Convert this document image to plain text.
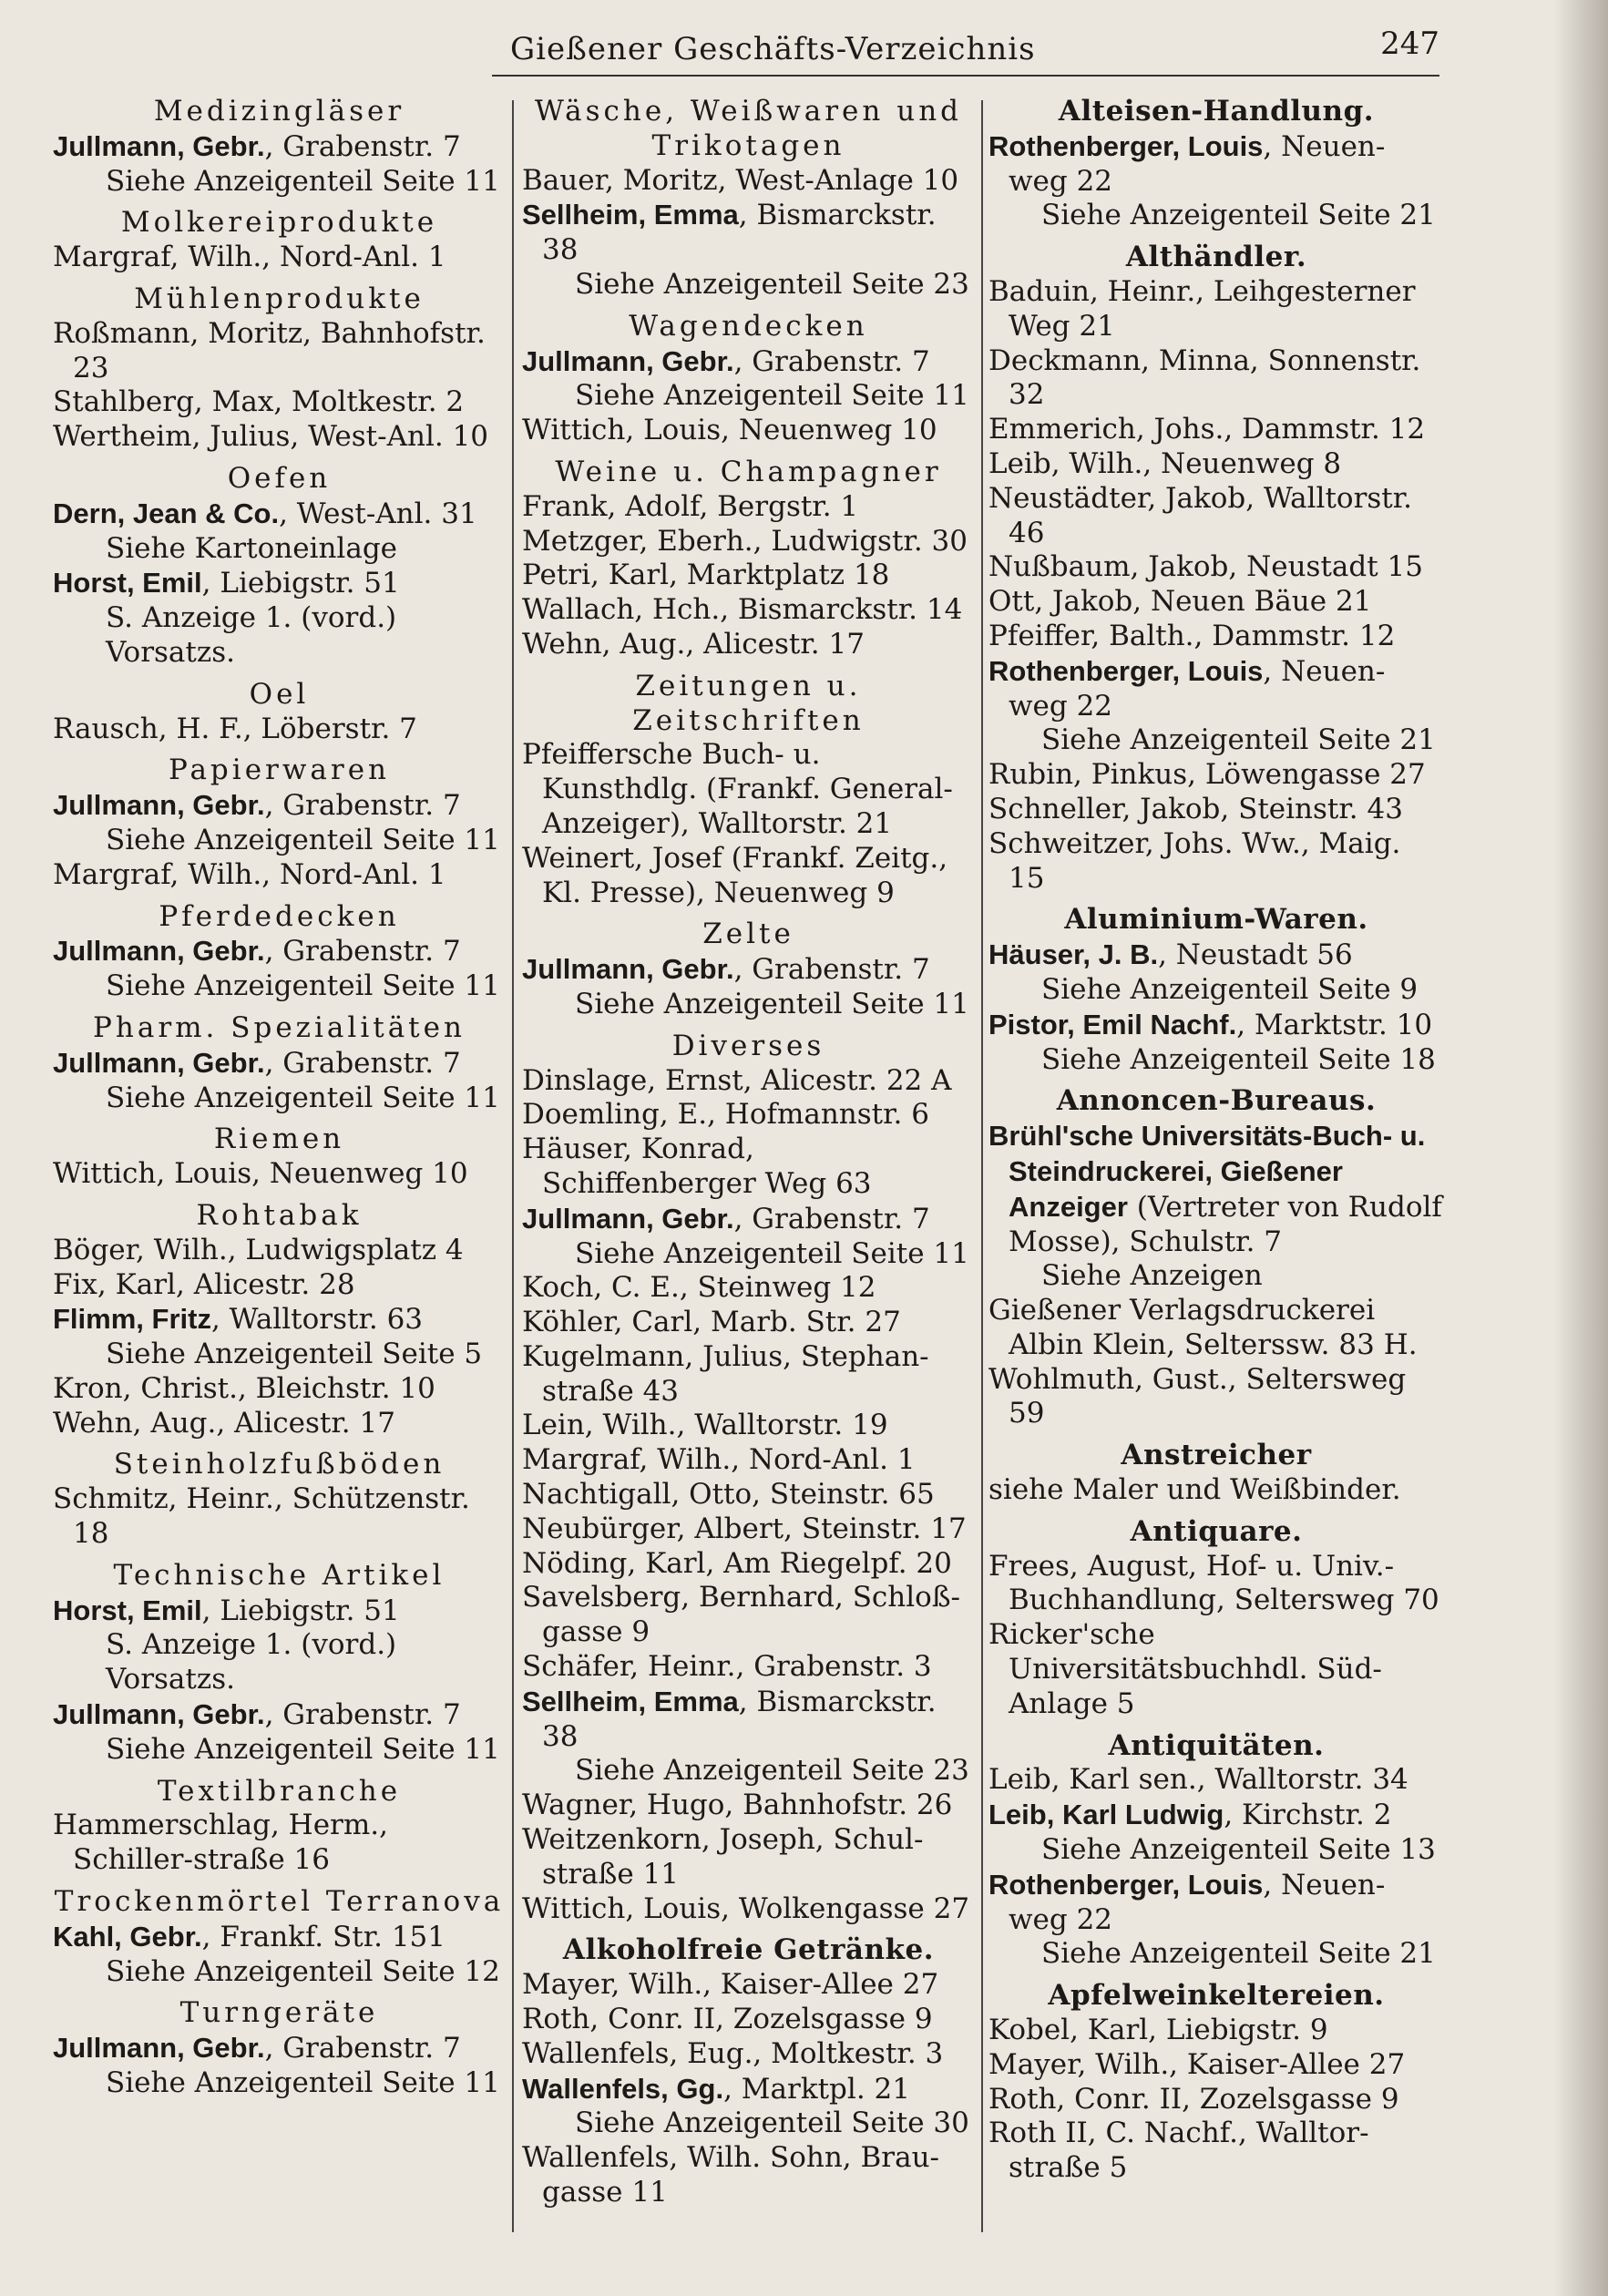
Gießener Geschäfts-Verzeichnis	247
Medizingläser
Jullmann, Gebr., Grabenstr. 7
Siehe Anzeigenteil Seite 11
Molkereiprodukte
Margraf, Wilh., Nord-Anl. 1
Mühlenprodukte
Roßmann, Moritz, Bahnhofstr. 23
Stahlberg, Max, Moltkestr. 2
Wertheim, Julius, West-Anl. 10
Oefen
Dern, Jean & Co., West-Anl. 31
Siehe Kartoneinlage
Horst, Emil, Liebigstr. 51
S. Anzeige 1. (vord.) Vorsatzs.
Oel
Rausch, H. F., Löberstr. 7
Papierwaren
Jullmann, Gebr., Grabenstr. 7
Siehe Anzeigenteil Seite 11
Margraf, Wilh., Nord-Anl. 1
Pferdedecken
Jullmann, Gebr., Grabenstr. 7
Siehe Anzeigenteil Seite 11
Pharm. Spezialitäten
Jullmann, Gebr., Grabenstr. 7
Siehe Anzeigenteil Seite 11
Riemen
Wittich, Louis, Neuenweg 10
Rohtabak
Böger, Wilh., Ludwigsplatz 4
Fix, Karl, Alicestr. 28
Flimm, Fritz, Walltorstr. 63
Siehe Anzeigenteil Seite 5
Kron, Christ., Bleichstr. 10
Wehn, Aug., Alicestr. 17
Steinholzfußböden
Schmitz, Heinr., Schützenstr. 18
Technische Artikel
Horst, Emil, Liebigstr. 51
S. Anzeige 1. (vord.) Vorsatzs.
Jullmann, Gebr., Grabenstr. 7
Siehe Anzeigenteil Seite 11
Textilbranche
Hammerschlag, Herm., Schiller-straße 16
Trockenmörtel Terranova
Kahl, Gebr., Frankf. Str. 151
Siehe Anzeigenteil Seite 12
Turngeräte
Jullmann, Gebr., Grabenstr. 7
Siehe Anzeigenteil Seite 11
Wäsche, Weißwaren und Trikotagen
Bauer, Moritz, West-Anlage 10
Sellheim, Emma, Bismarckstr. 38
Siehe Anzeigenteil Seite 23
Wagendecken
Jullmann, Gebr., Grabenstr. 7
Siehe Anzeigenteil Seite 11
Wittich, Louis, Neuenweg 10
Weine u. Champagner
Frank, Adolf, Bergstr. 1
Metzger, Eberh., Ludwigstr. 30
Petri, Karl, Marktplatz 18
Wallach, Hch., Bismarckstr. 14
Wehn, Aug., Alicestr. 17
Zeitungen u. Zeitschriften
Pfeiffersche Buch- u. Kunsthdlg. (Frankf. General-Anzeiger), Walltorstr. 21
Weinert, Josef (Frankf. Zeitg., Kl. Presse), Neuenweg 9
Zelte
Jullmann, Gebr., Grabenstr. 7
Siehe Anzeigenteil Seite 11
Diverses
Dinslage, Ernst, Alicestr. 22 A
Doemling, E., Hofmannstr. 6
Häuser, Konrad, Schiffenberger Weg 63
Jullmann, Gebr., Grabenstr. 7
Siehe Anzeigenteil Seite 11
Koch, C. E., Steinweg 12
Köhler, Carl, Marb. Str. 27
Kugelmann, Julius, Stephan-straße 43
Lein, Wilh., Walltorstr. 19
Margraf, Wilh., Nord-Anl. 1
Nachtigall, Otto, Steinstr. 65
Neubürger, Albert, Steinstr. 17
Nöding, Karl, Am Riegelpf. 20
Savelsberg, Bernhard, Schloß-gasse 9
Schäfer, Heinr., Grabenstr. 3
Sellheim, Emma, Bismarckstr. 38
Siehe Anzeigenteil Seite 23
Wagner, Hugo, Bahnhofstr. 26
Weitzenkorn, Joseph, Schul-straße 11
Wittich, Louis, Wolkengasse 27
Alkoholfreie Getränke.
Mayer, Wilh., Kaiser-Allee 27
Roth, Conr. II, Zozelsgasse 9
Wallenfels, Eug., Moltkestr. 3
Wallenfels, Gg., Marktpl. 21
Siehe Anzeigenteil Seite 30
Wallenfels, Wilh. Sohn, Brau-gasse 11
Alteisen-Handlung.
Rothenberger, Louis, Neuen-weg 22
Siehe Anzeigenteil Seite 21
Althändler.
Baduin, Heinr., Leihgesterner Weg 21
Deckmann, Minna, Sonnenstr. 32
Emmerich, Johs., Dammstr. 12
Leib, Wilh., Neuenweg 8
Neustädter, Jakob, Walltorstr. 46
Nußbaum, Jakob, Neustadt 15
Ott, Jakob, Neuen Bäue 21
Pfeiffer, Balth., Dammstr. 12
Rothenberger, Louis, Neuen-weg 22
Siehe Anzeigenteil Seite 21
Rubin, Pinkus, Löwengasse 27
Schneller, Jakob, Steinstr. 43
Schweitzer, Johs. Ww., Maig. 15
Aluminium-Waren.
Häuser, J. B., Neustadt 56
Siehe Anzeigenteil Seite 9
Pistor, Emil Nachf., Marktstr. 10
Siehe Anzeigenteil Seite 18
Annoncen-Bureaus.
Brühl'sche Universitäts-Buch- u. Steindruckerei, Gießener Anzeiger (Vertreter von Rudolf Mosse), Schulstr. 7
Siehe Anzeigen
Gießener Verlagsdruckerei Albin Klein, Selterssw. 83 H.
Wohlmuth, Gust., Seltersweg 59
Anstreicher
siehe Maler und Weißbinder.
Antiquare.
Frees, August, Hof- u. Univ.-Buchhandlung, Seltersweg 70
Ricker'sche Universitätsbuchhdl. Süd-Anlage 5
Antiquitäten.
Leib, Karl sen., Walltorstr. 34
Leib, Karl Ludwig, Kirchstr. 2
Siehe Anzeigenteil Seite 13
Rothenberger, Louis, Neuen-weg 22
Siehe Anzeigenteil Seite 21
Apfelweinkeltereien.
Kobel, Karl, Liebigstr. 9
Mayer, Wilh., Kaiser-Allee 27
Roth, Conr. II, Zozelsgasse 9
Roth II, C. Nachf., Walltor-straße 5
